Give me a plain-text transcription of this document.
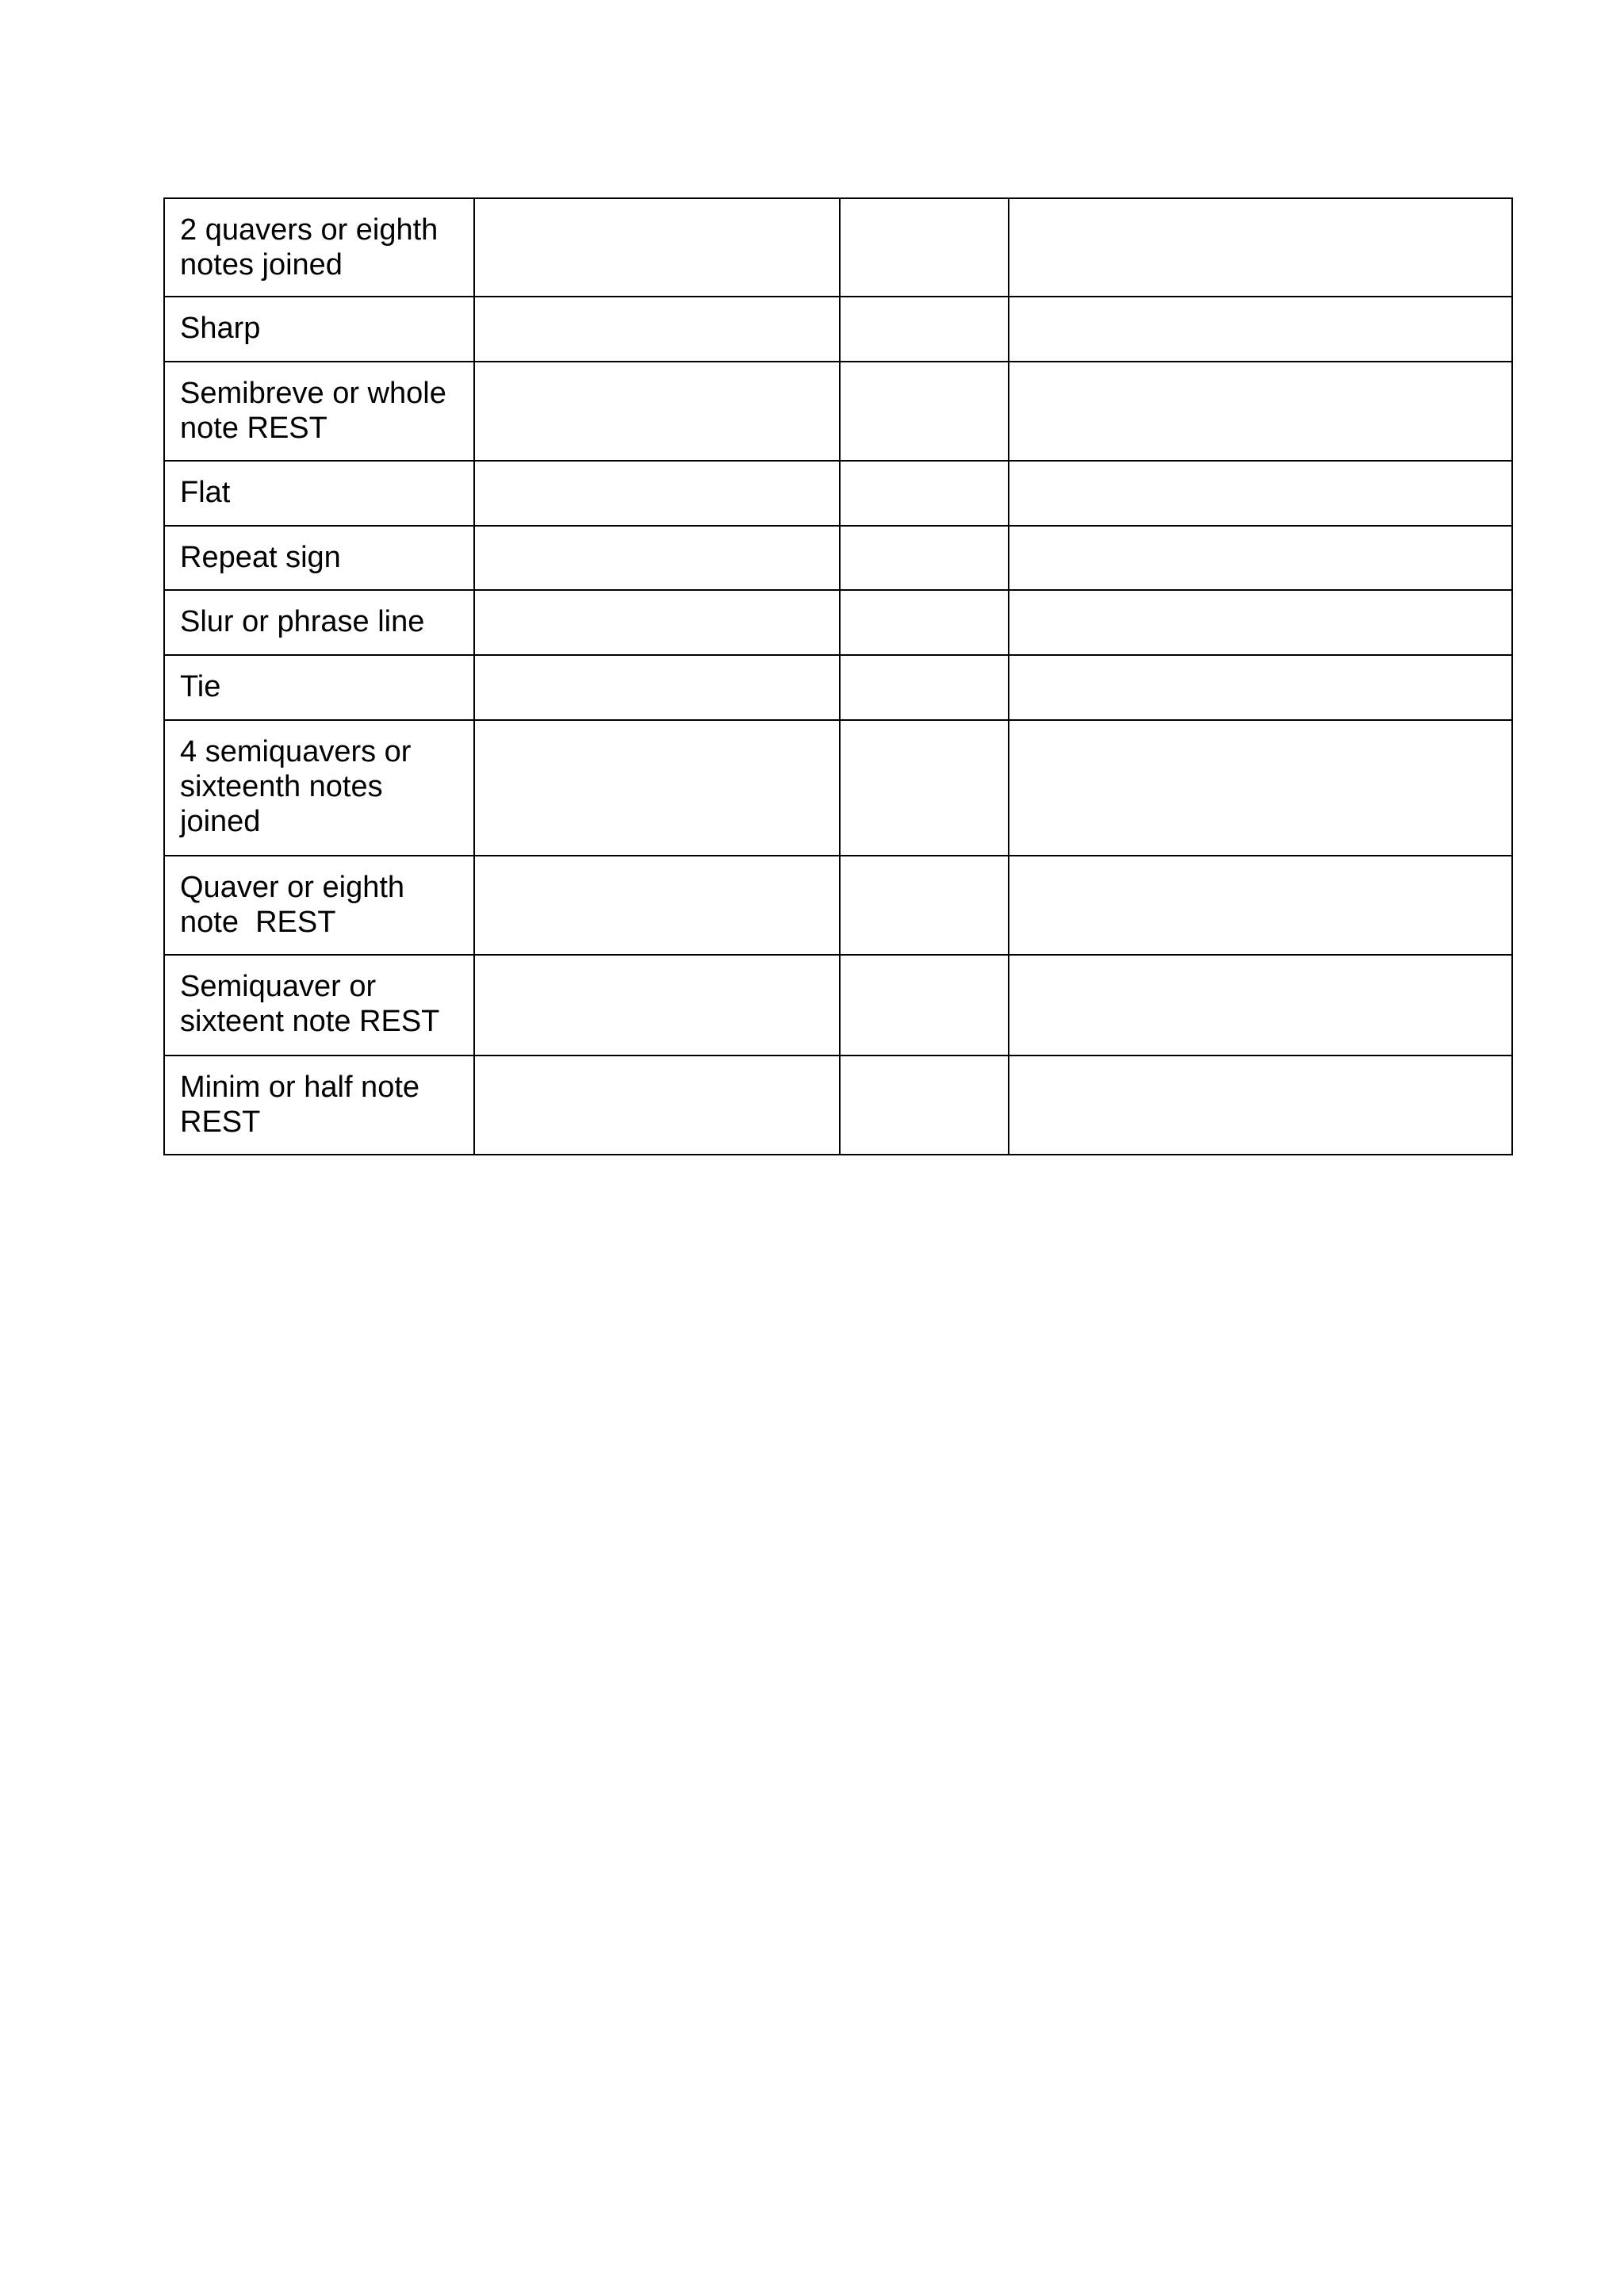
2 quavers or eighth
notes joined			

Sharp			

Semibreve or whole
note REST			

Flat			

Repeat sign			

Slur or phrase line			

Tie			

4 semiquavers or
sixteenth notes
joined			

Quaver or eighth
note  REST			

Semiquaver or
sixteent note REST			

Minim or half note
REST			
